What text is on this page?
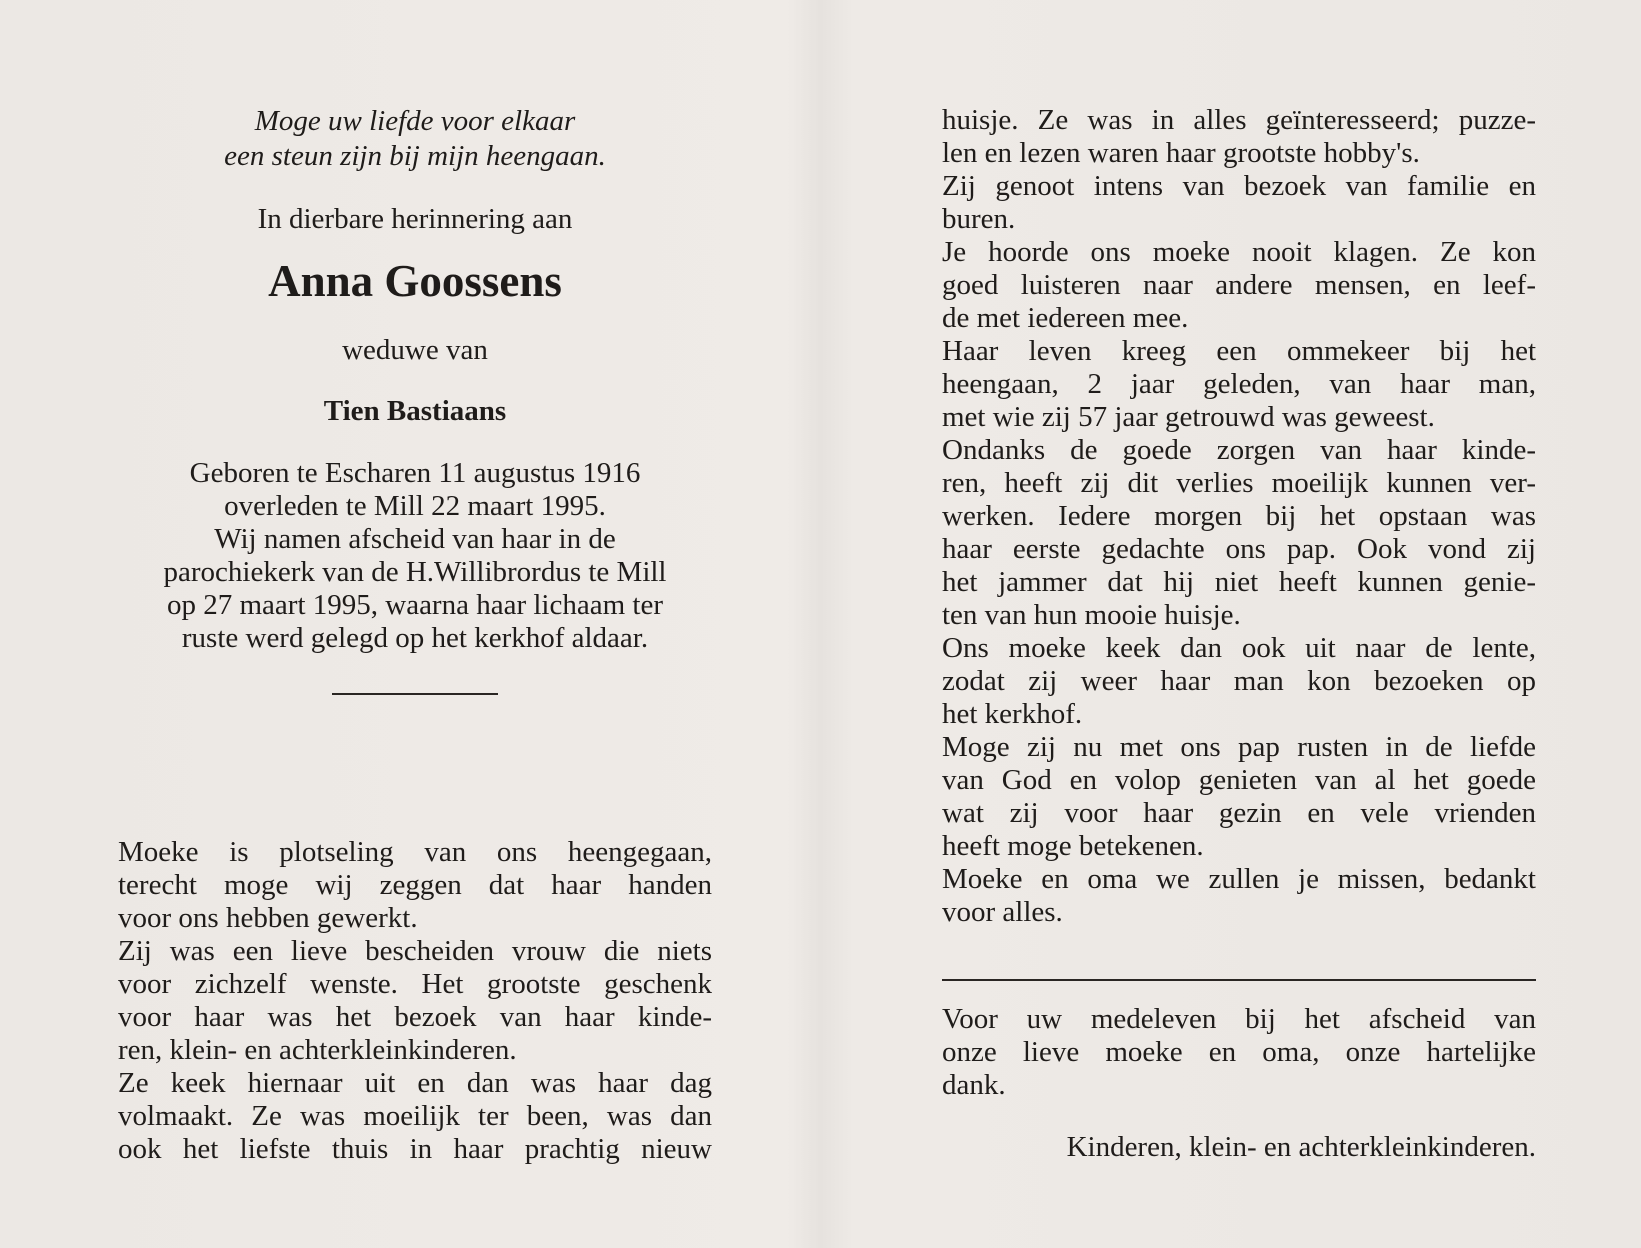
Moge uw liefde voor elkaar
een steun zijn bij mijn heengaan.

In dierbare herinnering aan

Anna Goossens

weduwe van

Tien Bastiaans

Geboren te Escharen 11 augustus 1916
overleden te Mill 22 maart 1995.
Wij namen afscheid van haar in de
parochiekerk van de H.Willibrordus te Mill
op 27 maart 1995, waarna haar lichaam ter
ruste werd gelegd op het kerkhof aldaar.

Moeke is plotseling van ons heengegaan,
terecht moge wij zeggen dat haar handen
voor ons hebben gewerkt.
Zij was een lieve bescheiden vrouw die niets
voor zichzelf wenste. Het grootste geschenk
voor haar was het bezoek van haar kinde-
ren, klein- en achterkleinkinderen.
Ze keek hiernaar uit en dan was haar dag
volmaakt. Ze was moeilijk ter been, was dan
ook het liefste thuis in haar prachtig nieuw

huisje. Ze was in alles geïnteresseerd; puzze-
len en lezen waren haar grootste hobby's.
Zij genoot intens van bezoek van familie en
buren.
Je hoorde ons moeke nooit klagen. Ze kon
goed luisteren naar andere mensen, en leef-
de met iedereen mee.
Haar leven kreeg een ommekeer bij het
heengaan, 2 jaar geleden, van haar man,
met wie zij 57 jaar getrouwd was geweest.
Ondanks de goede zorgen van haar kinde-
ren, heeft zij dit verlies moeilijk kunnen ver-
werken. Iedere morgen bij het opstaan was
haar eerste gedachte ons pap. Ook vond zij
het jammer dat hij niet heeft kunnen genie-
ten van hun mooie huisje.
Ons moeke keek dan ook uit naar de lente,
zodat zij weer haar man kon bezoeken op
het kerkhof.
Moge zij nu met ons pap rusten in de liefde
van God en volop genieten van al het goede
wat zij voor haar gezin en vele vrienden
heeft moge betekenen.
Moeke en oma we zullen je missen, bedankt
voor alles.

Voor uw medeleven bij het afscheid van
onze lieve moeke en oma, onze hartelijke
dank.

Kinderen, klein- en achterkleinkinderen.
